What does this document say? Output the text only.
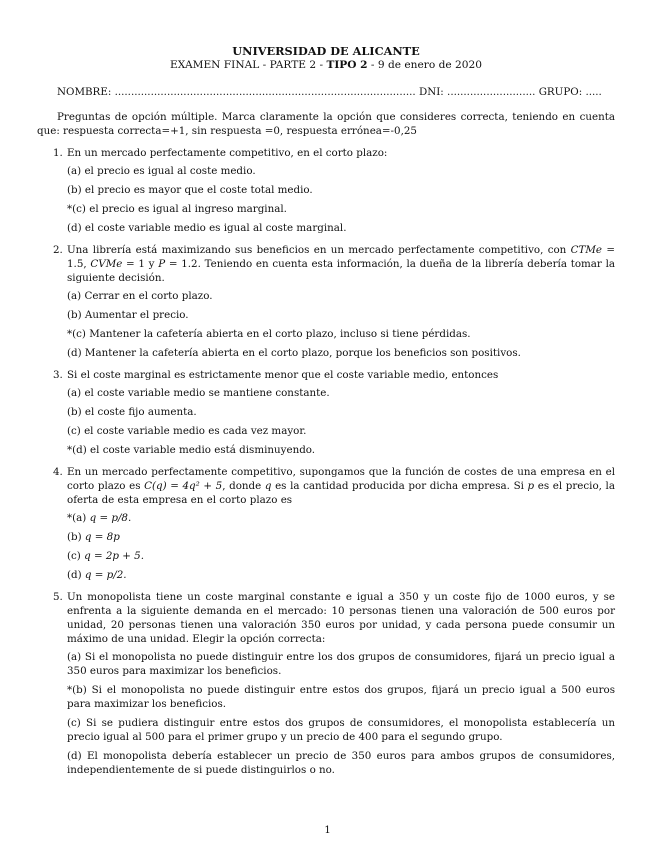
UNIVERSIDAD DE ALICANTE
EXAMEN FINAL - PARTE 2 - TIPO 2 - 9 de enero de 2020
NOMBRE: ............................................................................................ DNI: ........................... GRUPO: .....
Preguntas de opción múltiple. Marca claramente la opción que consideres correcta, teniendo en cuenta que: respuesta correcta=+1, sin respuesta =0, respuesta errónea=-0,25
1. En un mercado perfectamente competitivo, en el corto plazo:
(a) el precio es igual al coste medio.
(b) el precio es mayor que el coste total medio.
*(c) el precio es igual al ingreso marginal.
(d) el coste variable medio es igual al coste marginal.
2. Una librería está maximizando sus beneficios en un mercado perfectamente competitivo, con CTMe = 1.5, CVMe = 1 y P = 1.2. Teniendo en cuenta esta información, la dueña de la librería debería tomar la siguiente decisión.
(a) Cerrar en el corto plazo.
(b) Aumentar el precio.
*(c) Mantener la cafetería abierta en el corto plazo, incluso si tiene pérdidas.
(d) Mantener la cafetería abierta en el corto plazo, porque los beneficios son positivos.
3. Si el coste marginal es estrictamente menor que el coste variable medio, entonces
(a) el coste variable medio se mantiene constante.
(b) el coste fijo aumenta.
(c) el coste variable medio es cada vez mayor.
*(d) el coste variable medio está disminuyendo.
4. En un mercado perfectamente competitivo, supongamos que la función de costes de una empresa en el corto plazo es C(q) = 4q² + 5, donde q es la cantidad producida por dicha empresa. Si p es el precio, la oferta de esta empresa en el corto plazo es
*(a) q = p/8.
(b) q = 8p
(c) q = 2p + 5.
(d) q = p/2.
5. Un monopolista tiene un coste marginal constante e igual a 350 y un coste fijo de 1000 euros, y se enfrenta a la siguiente demanda en el mercado: 10 personas tienen una valoración de 500 euros por unidad, 20 personas tienen una valoración 350 euros por unidad, y cada persona puede consumir un máximo de una unidad. Elegir la opción correcta:
(a) Si el monopolista no puede distinguir entre los dos grupos de consumidores, fijará un precio igual a 350 euros para maximizar los beneficios.
*(b) Si el monopolista no puede distinguir entre estos dos grupos, fijará un precio igual a 500 euros para maximizar los beneficios.
(c) Si se pudiera distinguir entre estos dos grupos de consumidores, el monopolista establecería un precio igual al 500 para el primer grupo y un precio de 400 para el segundo grupo.
(d) El monopolista debería establecer un precio de 350 euros para ambos grupos de consumidores, independientemente de si puede distinguirlos o no.
1
